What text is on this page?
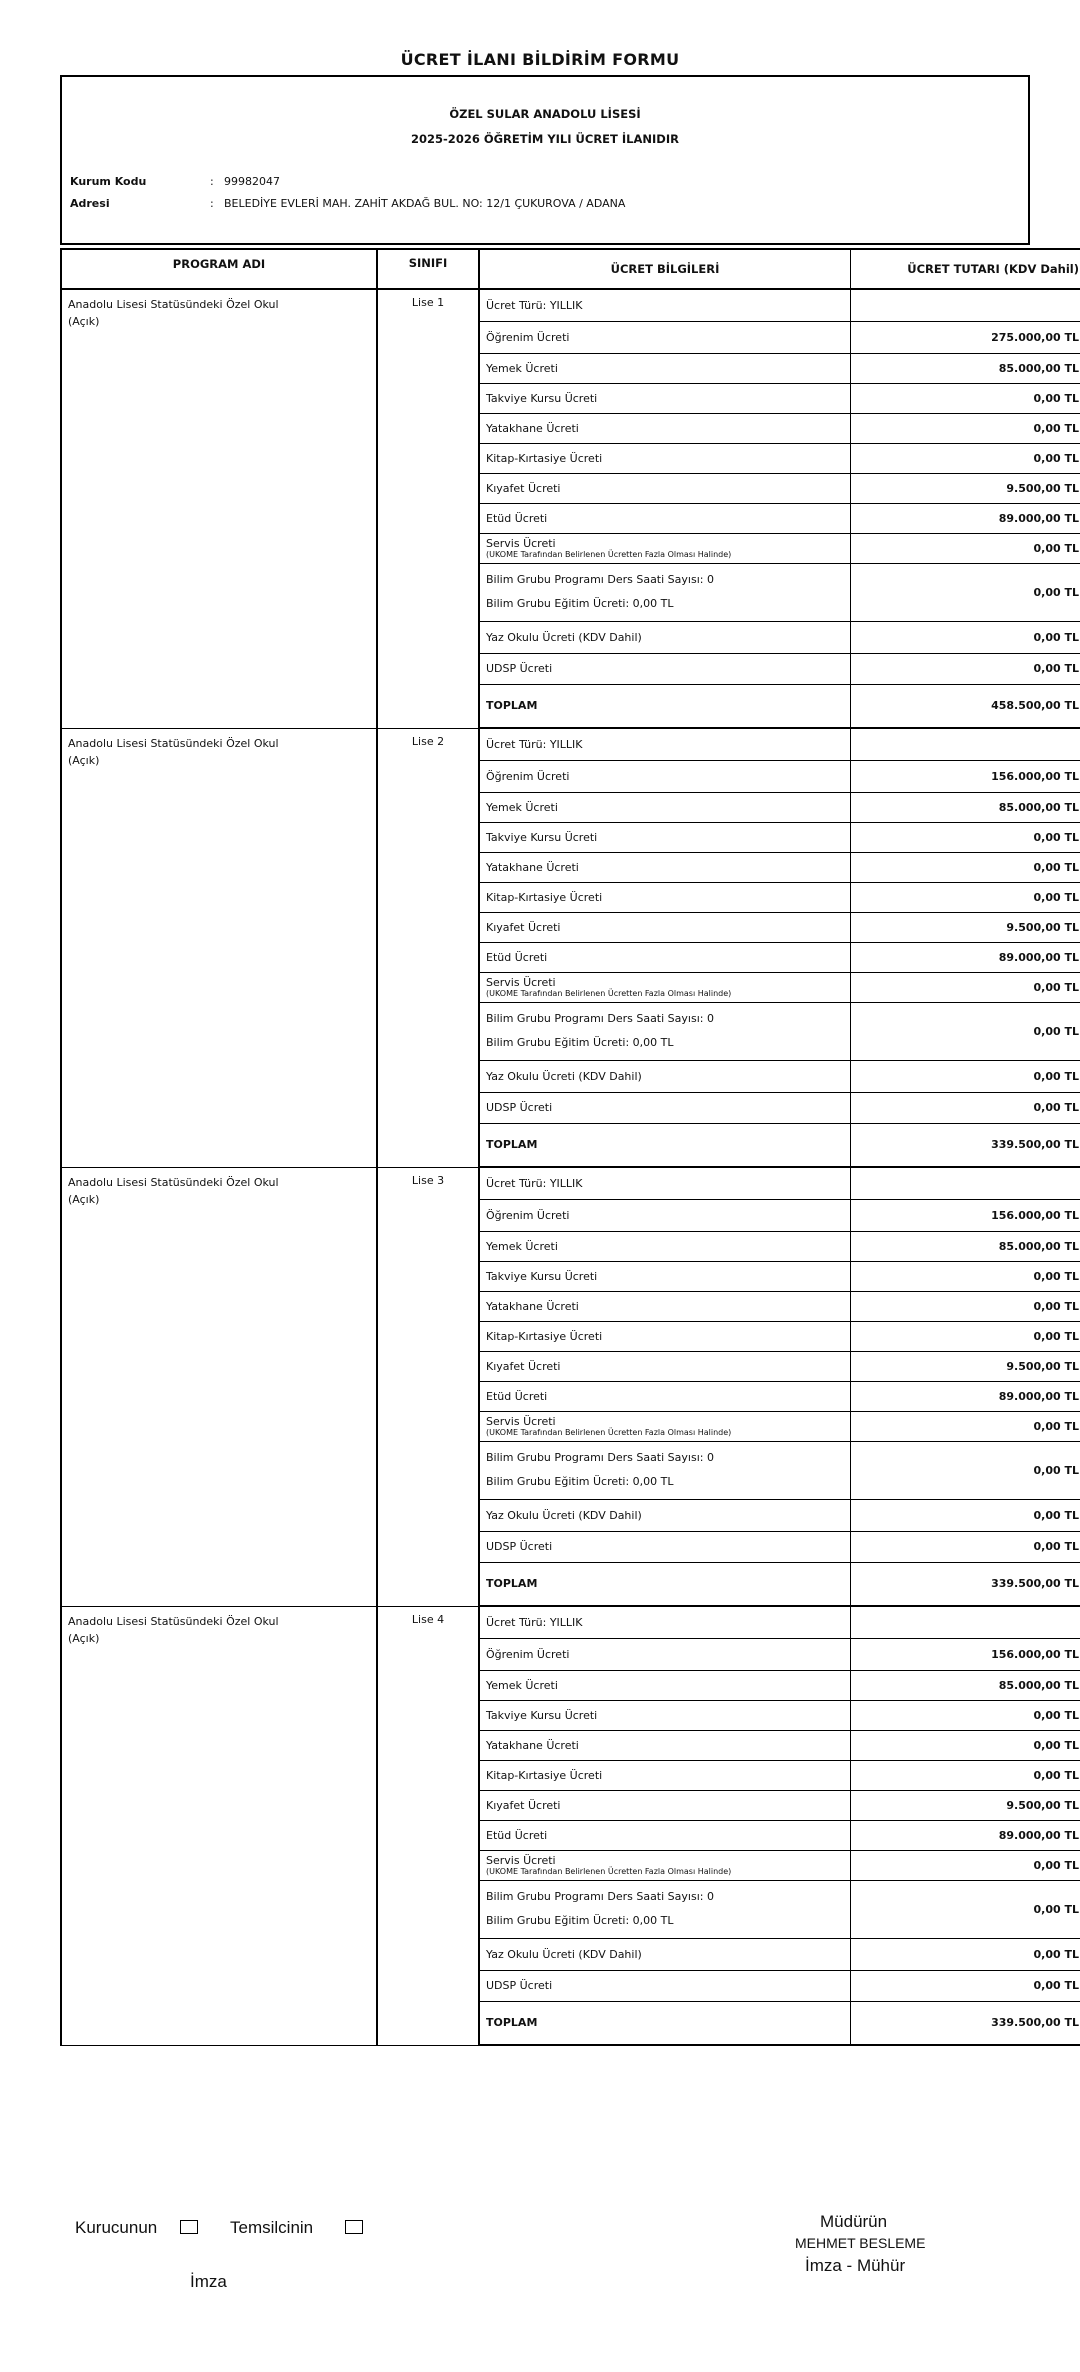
ÜCRET İLANI BİLDİRİM FORMU
ÖZEL SULAR ANADOLU LİSESİ
2025-2026 ÖĞRETİM YILI ÜCRET İLANIDIR
Kurum Kodu	: 99982047
Adresi	: BELEDİYE EVLERİ MAH. ZAHİT AKDAĞ BUL. NO: 12/1 ÇUKUROVA / ADANA
PROGRAM ADI	SINIFI	ÜCRET BİLGİLERİ	ÜCRET TUTARI (KDV Dahil)
Anadolu Lisesi Statüsündeki Özel Okul
(Açık)	Lise 1	Ücret Türü: YILLIK	
		Öğrenim Ücreti	275.000,00 TL
		Yemek Ücreti	85.000,00 TL
		Takviye Kursu Ücreti	0,00 TL
		Yatakhane Ücreti	0,00 TL
		Kitap-Kırtasiye Ücreti	0,00 TL
		Kıyafet Ücreti	9.500,00 TL
		Etüd Ücreti	89.000,00 TL
		Servis Ücreti
(UKOME Tarafından Belirlenen Ücretten Fazla Olması Halinde)	0,00 TL

		Bilim Grubu Programı Ders Saati Sayısı: 0
Bilim Grubu Eğitim Ücreti: 0,00 TL	0,00 TL
		Yaz Okulu Ücreti (KDV Dahil)	0,00 TL
		UDSP Ücreti	0,00 TL
		TOPLAM	458.500,00 TL
Anadolu Lisesi Statüsündeki Özel Okul
(Açık)	Lise 2	Ücret Türü: YILLIK	
		Öğrenim Ücreti	156.000,00 TL
		Yemek Ücreti	85.000,00 TL
		Takviye Kursu Ücreti	0,00 TL
		Yatakhane Ücreti	0,00 TL
		Kitap-Kırtasiye Ücreti	0,00 TL
		Kıyafet Ücreti	9.500,00 TL
		Etüd Ücreti	89.000,00 TL
		Servis Ücreti
(UKOME Tarafından Belirlenen Ücretten Fazla Olması Halinde)	0,00 TL

		Bilim Grubu Programı Ders Saati Sayısı: 0
Bilim Grubu Eğitim Ücreti: 0,00 TL	0,00 TL
		Yaz Okulu Ücreti (KDV Dahil)	0,00 TL
		UDSP Ücreti	0,00 TL
		TOPLAM	339.500,00 TL
Anadolu Lisesi Statüsündeki Özel Okul
(Açık)	Lise 3	Ücret Türü: YILLIK	
		Öğrenim Ücreti	156.000,00 TL
		Yemek Ücreti	85.000,00 TL
		Takviye Kursu Ücreti	0,00 TL
		Yatakhane Ücreti	0,00 TL
		Kitap-Kırtasiye Ücreti	0,00 TL
		Kıyafet Ücreti	9.500,00 TL
		Etüd Ücreti	89.000,00 TL
		Servis Ücreti
(UKOME Tarafından Belirlenen Ücretten Fazla Olması Halinde)	0,00 TL

		Bilim Grubu Programı Ders Saati Sayısı: 0
Bilim Grubu Eğitim Ücreti: 0,00 TL	0,00 TL
		Yaz Okulu Ücreti (KDV Dahil)	0,00 TL
		UDSP Ücreti	0,00 TL
		TOPLAM	339.500,00 TL
Anadolu Lisesi Statüsündeki Özel Okul
(Açık)	Lise 4	Ücret Türü: YILLIK	
		Öğrenim Ücreti	156.000,00 TL
		Yemek Ücreti	85.000,00 TL
		Takviye Kursu Ücreti	0,00 TL
		Yatakhane Ücreti	0,00 TL
		Kitap-Kırtasiye Ücreti	0,00 TL
		Kıyafet Ücreti	9.500,00 TL
		Etüd Ücreti	89.000,00 TL
		Servis Ücreti
(UKOME Tarafından Belirlenen Ücretten Fazla Olması Halinde)	0,00 TL

		Bilim Grubu Programı Ders Saati Sayısı: 0
Bilim Grubu Eğitim Ücreti: 0,00 TL	0,00 TL
		Yaz Okulu Ücreti (KDV Dahil)	0,00 TL
		UDSP Ücreti	0,00 TL
		TOPLAM	339.500,00 TL
Kurucunun	Temsilcinin
İmza
Müdürün
MEHMET BESLEME
İmza - Mühür
